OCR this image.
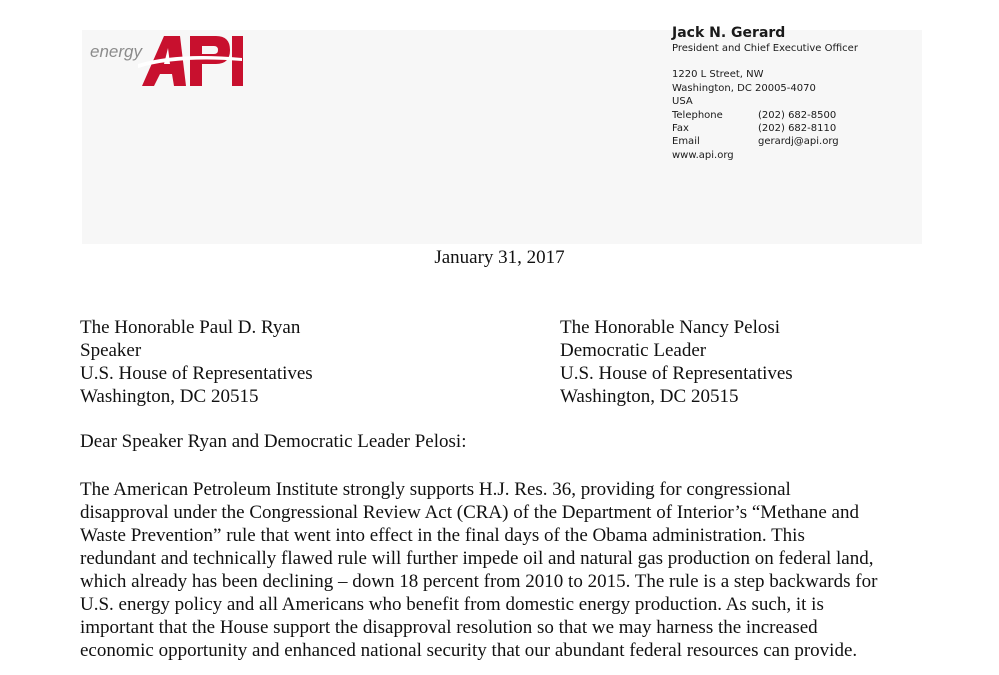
energy
Jack N. Gerard
President and Chief Executive Officer
1220 L Street, NW
Washington, DC 20005-4070
USA
Telephone	(202) 682-8500
Fax	(202) 682-8110
Email	gerardj@api.org
www.api.org
January 31, 2017
The Honorable Paul D. Ryan
Speaker
U.S. House of Representatives
Washington, DC 20515
The Honorable Nancy Pelosi
Democratic Leader
U.S. House of Representatives
Washington, DC 20515
Dear Speaker Ryan and Democratic Leader Pelosi:
The American Petroleum Institute strongly supports H.J. Res. 36, providing for congressional
disapproval under the Congressional Review Act (CRA) of the Department of Interior’s “Methane and
Waste Prevention” rule that went into effect in the final days of the Obama administration. This
redundant and technically flawed rule will further impede oil and natural gas production on federal land,
which already has been declining – down 18 percent from 2010 to 2015. The rule is a step backwards for
U.S. energy policy and all Americans who benefit from domestic energy production. As such, it is
important that the House support the disapproval resolution so that we may harness the increased
economic opportunity and enhanced national security that our abundant federal resources can provide.
